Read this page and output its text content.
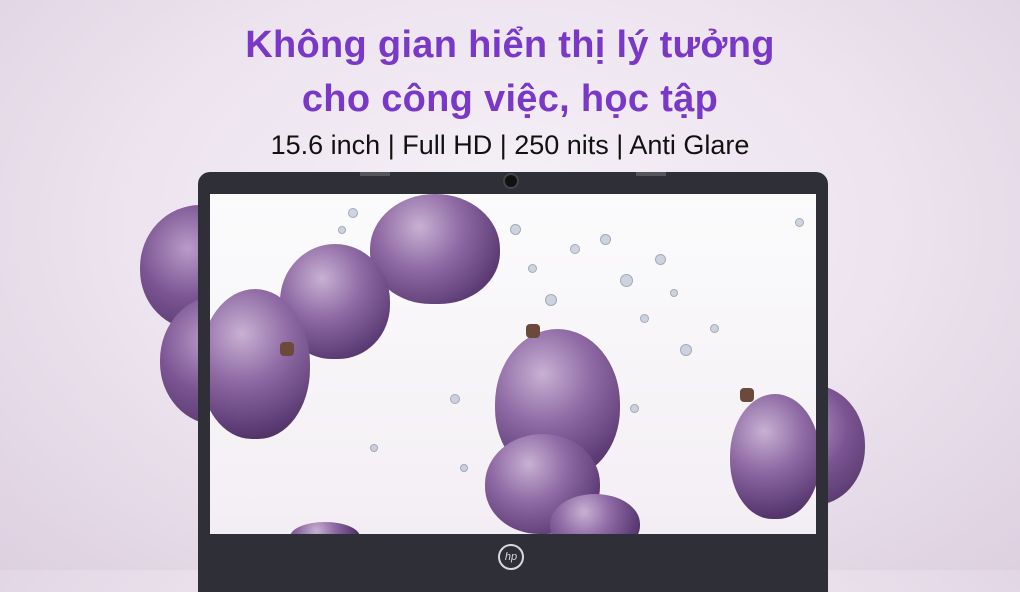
Không gian hiển thị lý tưởng
cho công việc, học tập
15.6 inch | Full HD | 250 nits | Anti Glare
hp
